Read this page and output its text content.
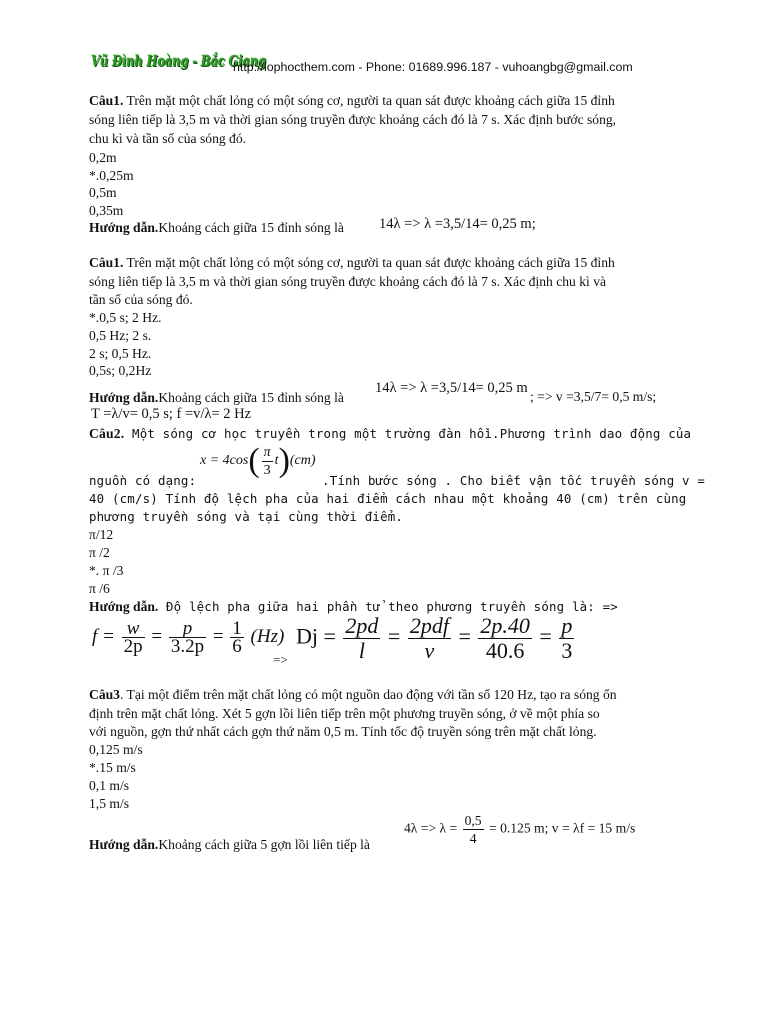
Vũ Đình Hoàng - Bắc Giang
http://lophocthem.com - Phone: 01689.996.187 - vuhoangbg@gmail.com
Câu1. Trên mặt một chất lỏng có một sóng cơ, người ta quan sát được khoảng cách giữa 15 đỉnh
sóng liên tiếp là 3,5 m và thời gian sóng truyền được khoảng cách đó là 7 s. Xác định bước sóng,
chu kì và tần số của sóng đó.
0,2m
*.0,25m
0,5m
0,35m
Hướng dẫn.Khoảng cách giữa 15 đỉnh sóng là 14λ => λ =3,5/14= 0,25 m;
Câu1. Trên mặt một chất lỏng có một sóng cơ, người ta quan sát được khoảng cách giữa 15 đỉnh
sóng liên tiếp là 3,5 m và thời gian sóng truyền được khoảng cách đó là 7 s. Xác định chu kì và
tần số của sóng đó.
*.0,5 s; 2 Hz.
0,5 Hz; 2 s.
2 s; 0,5 Hz.
0,5s; 0,2Hz
Hướng dẫn.Khoảng cách giữa 15 đỉnh sóng là
14λ => λ =3,5/14= 0,25 m
; => v =3,5/7= 0,5 m/s;
T =λ/v= 0,5 s; f =v/λ= 2 Hz
Câu2. Một sóng cơ học truyền trong một trường đàn hồi.Phương trình dao động của
$x = 4\cos( \frac{\pi}{3} t)(cm)$
nguồn có dạng:	.Tính bước sóng . Cho biết vận tốc truyền sóng v =
40 (cm/s) Tính độ lệch pha của hai điểm cách nhau một khoảng 40 (cm) trên cùng
phương truyền sóng và tại cùng thời điểm.
π/12
π /2
*. π /3
π /6
Hướng dẫn. Độ lệch pha giữa hai phần tử theo phương truyền sóng là: =>
$f = \frac{w}{2p} = \frac{p}{3.2p} = \frac{1}{6} (Hz)$
=>
$Dj = \frac{2pd}{l} = \frac{\text{2pdf}}{v} = \frac{2p.40}{40.6} = \frac{p}{3}$
Câu3. Tại một điểm trên mặt chất lỏng có một nguồn dao động với tần số 120 Hz, tạo ra sóng ổn
định trên mặt chất lỏng. Xét 5 gợn lồi liên tiếp trên một phương truyền sóng, ở về một phía so
với nguồn, gợn thứ nhất cách gợn thứ năm 0,5 m. Tính tốc độ truyền sóng trên mặt chất lỏng.
0,125 m/s
*.15 m/s
0,1 m/s
1,5 m/s
Hướng dẫn.Khoảng cách giữa 5 gợn lồi liên tiếp là
$4\lambda => \lambda = \frac{0,5}{4} = 0.125$ m; v = λf = 15 m/s
